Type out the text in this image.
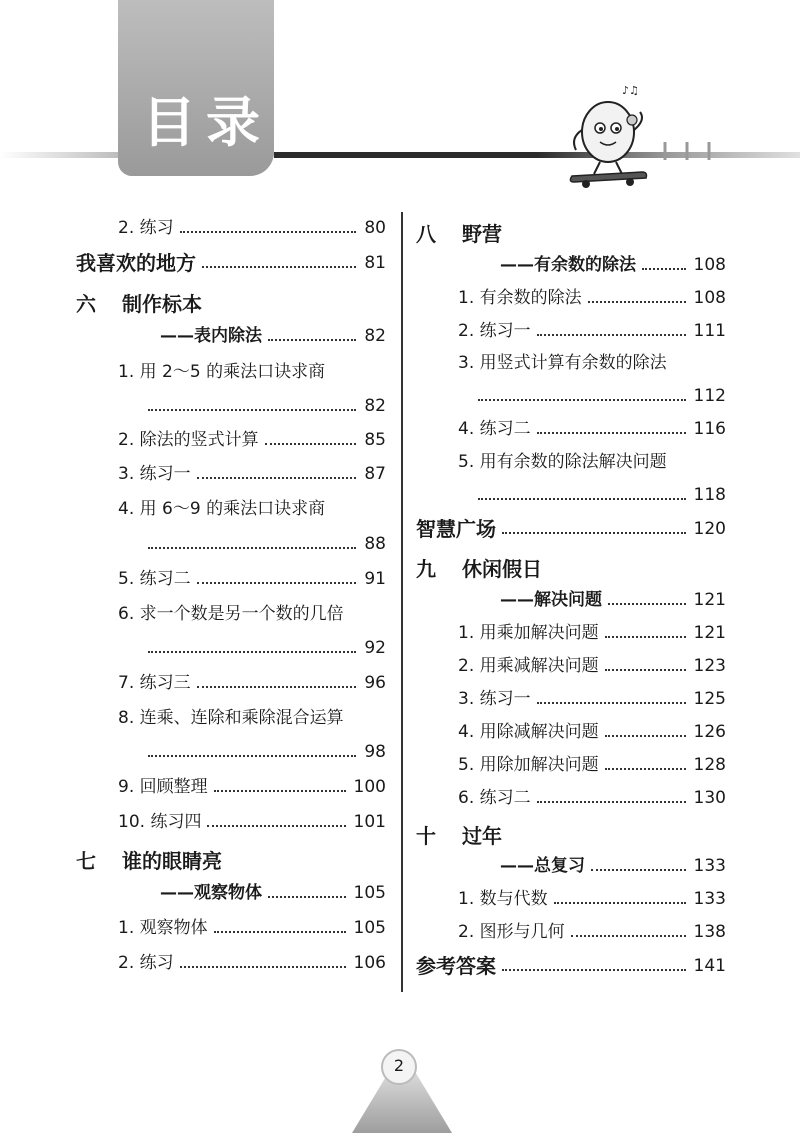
目录
♪♫
2. 练习	80
我喜欢的地方	81
六 制作标本
——表内除法	82
1. 用 2～5 的乘法口诀求商
82
2. 除法的竖式计算	85
3. 练习一	87
4. 用 6～9 的乘法口诀求商
88
5. 练习二	91
6. 求一个数是另一个数的几倍
92
7. 练习三	96
8. 连乘、连除和乘除混合运算
98
9. 回顾整理	100
10. 练习四	101
七 谁的眼睛亮
——观察物体	105
1. 观察物体	105
2. 练习	106
八 野营
——有余数的除法	108
1. 有余数的除法	108
2. 练习一	111
3. 用竖式计算有余数的除法
112
4. 练习二	116
5. 用有余数的除法解决问题
118
智慧广场	120
九 休闲假日
——解决问题	121
1. 用乘加解决问题	121
2. 用乘减解决问题	123
3. 练习一	125
4. 用除减解决问题	126
5. 用除加解决问题	128
6. 练习二	130
十 过年
——总复习	133
1. 数与代数	133
2. 图形与几何	138
参考答案	141
2
